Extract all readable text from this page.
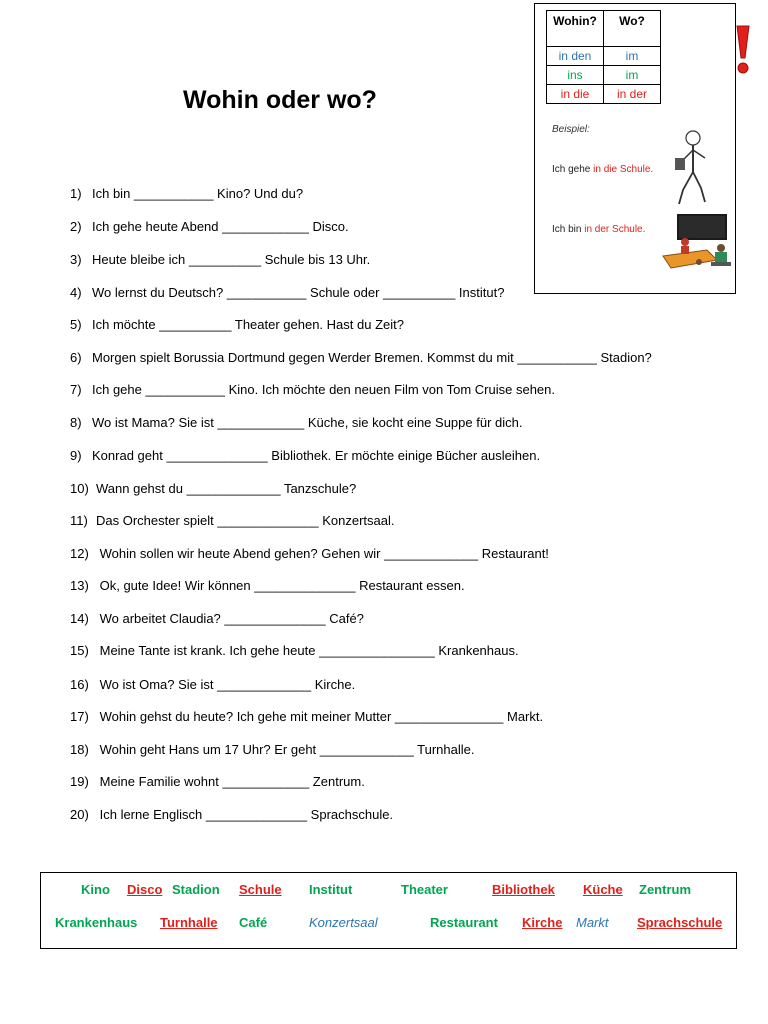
Wohin oder wo?
Wohin?	Wo?
in den	im
ins	im
in die	in der
Beispiel:
Ich gehe in die Schule.
Ich bin in der Schule.
1) Ich bin ___________ Kino? Und du?
2) Ich gehe heute Abend ____________ Disco.
3) Heute bleibe ich __________ Schule bis 13 Uhr.
4) Wo lernst du Deutsch? ___________ Schule oder __________ Institut?
5) Ich möchte __________ Theater gehen. Hast du Zeit?
6) Morgen spielt Borussia Dortmund gegen Werder Bremen. Kommst du mit ___________ Stadion?
7) Ich gehe ___________ Kino. Ich möchte den neuen Film von Tom Cruise sehen.
8) Wo ist Mama? Sie ist ____________ Küche, sie kocht eine Suppe für dich.
9) Konrad geht ______________ Bibliothek. Er möchte einige Bücher ausleihen.
10) Wann gehst du _____________ Tanzschule?
11) Das Orchester spielt ______________ Konzertsaal.
12) Wohin sollen wir heute Abend gehen? Gehen wir _____________ Restaurant!
13) Ok, gute Idee! Wir können ______________ Restaurant essen.
14) Wo arbeitet Claudia? ______________ Café?
15) Meine Tante ist krank. Ich gehe heute ________________ Krankenhaus.
16) Wo ist Oma? Sie ist _____________ Kirche.
17) Wohin gehst du heute? Ich gehe mit meiner Mutter _______________ Markt.
18) Wohin geht Hans um 17 Uhr? Er geht _____________ Turnhalle.
19) Meine Familie wohnt ____________ Zentrum.
20) Ich lerne Englisch ______________ Sprachschule.
Kino Disco Stadion Schule Institut	Theater	Bibliothek Küche Zentrum
Krankenhaus Turnhalle Café	Konzertsaal	Restaurant Kirche Markt Sprachschule
